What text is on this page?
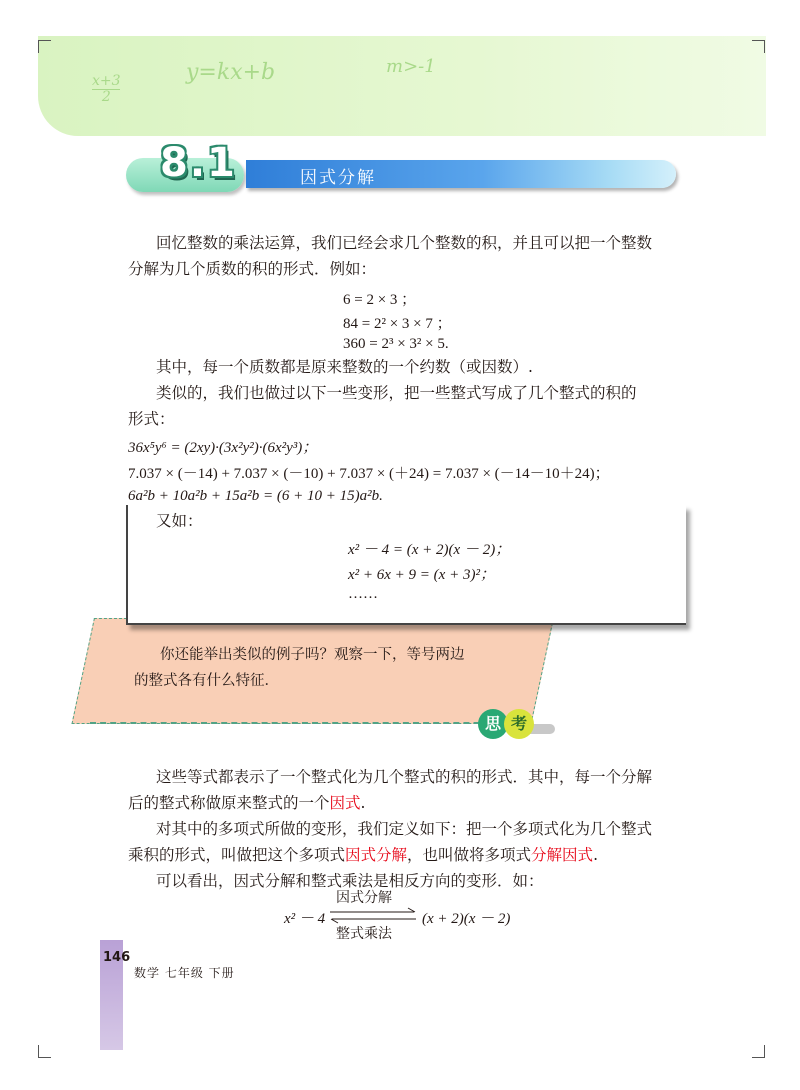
x+3
2
y=kx+b	m>-1
8.1	因式分解
回忆整数的乘法运算，我们已经会求几个整数的积，并且可以把一个整数
分解为几个质数的积的形式．例如：
6 = 2 × 3 ；
84 = 2² × 3 × 7 ；
360 = 2³ × 3² × 5.
其中，每一个质数都是原来整数的一个约数（或因数）.
类似的，我们也做过以下一些变形，把一些整式写成了几个整式的积的
形式：
36x⁵y⁶ = (2xy)·(3x²y²)·(6x²y³)；
7.037 × (－14) + 7.037 × (－10) + 7.037 × (＋24) = 7.037 × (－14－10＋24)；
6a²b + 10a²b + 15a²b = (6 + 10 + 15)a²b.
又如：
x² － 4 = (x + 2)(x － 2)；
x² + 6x + 9 = (x + 3)²；
……
你还能举出类似的例子吗？观察一下，等号两边
的整式各有什么特征．
思 考
这些等式都表示了一个整式化为几个整式的积的形式．其中，每一个分解
后的整式称做原来整式的一个因式.
对其中的多项式所做的变形，我们定义如下：把一个多项式化为几个整式
乘积的形式，叫做把这个多项式因式分解，也叫做将多项式分解因式.
可以看出，因式分解和整式乘法是相反方向的变形．如：
x² － 4
因式分解
整式乘法
(x + 2)(x － 2)
146
数学 七年级 下册
